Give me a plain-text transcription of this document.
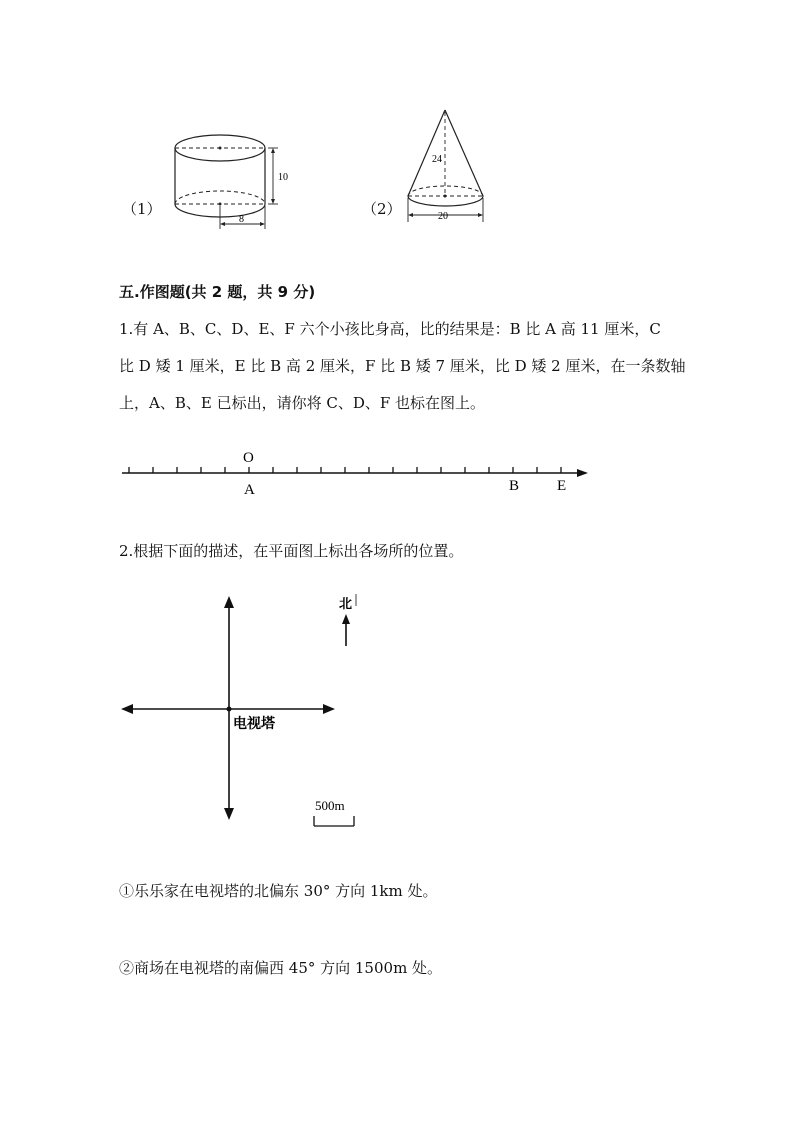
（1）
10
8
（2）
24
20
五.作图题(共 2 题，共 9 分)
1.有 A、B、C、D、E、F 六个小孩比身高，比的结果是：B 比 A 高 11 厘米，C
比 D 矮 1 厘米，E 比 B 高 2 厘米，F 比 B 矮 7 厘米，比 D 矮 2 厘米，在一条数轴
上，A、B、E 已标出，请你将 C、D、F 也标在图上。
O
A	B	E
2.根据下面的描述，在平面图上标出各场所的位置。
北
电视塔
500m
①乐乐家在电视塔的北偏东 30° 方向 1km 处。
②商场在电视塔的南偏西 45° 方向 1500m 处。
